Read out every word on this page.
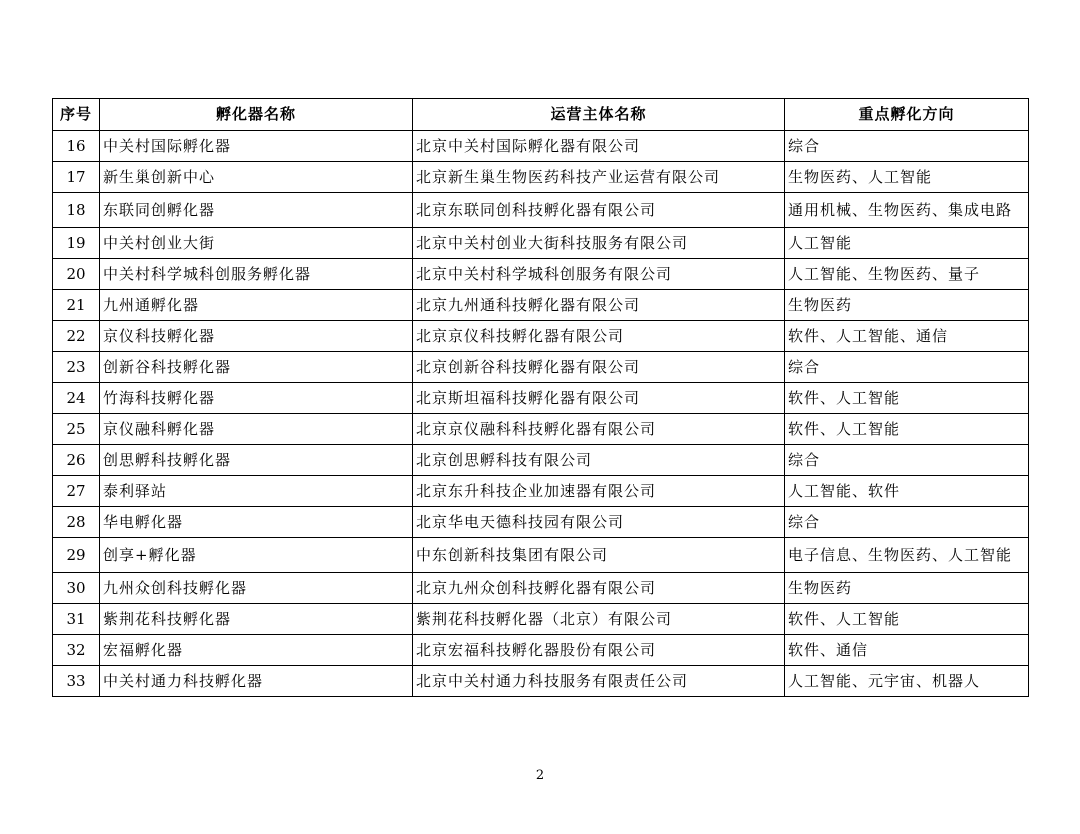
序号	孵化器名称	运营主体名称	重点孵化方向
16	中关村国际孵化器	北京中关村国际孵化器有限公司	综合
17	新生巢创新中心	北京新生巢生物医药科技产业运营有限公司	生物医药、人工智能
18	东联同创孵化器	北京东联同创科技孵化器有限公司	通用机械、生物医药、集成电路
19	中关村创业大街	北京中关村创业大街科技服务有限公司	人工智能
20	中关村科学城科创服务孵化器	北京中关村科学城科创服务有限公司	人工智能、生物医药、量子
21	九州通孵化器	北京九州通科技孵化器有限公司	生物医药
22	京仪科技孵化器	北京京仪科技孵化器有限公司	软件、人工智能、通信
23	创新谷科技孵化器	北京创新谷科技孵化器有限公司	综合
24	竹海科技孵化器	北京斯坦福科技孵化器有限公司	软件、人工智能
25	京仪融科孵化器	北京京仪融科科技孵化器有限公司	软件、人工智能
26	创思孵科技孵化器	北京创思孵科技有限公司	综合
27	泰利驿站	北京东升科技企业加速器有限公司	人工智能、软件
28	华电孵化器	北京华电天德科技园有限公司	综合
29	创享+孵化器	中东创新科技集团有限公司	电子信息、生物医药、人工智能
30	九州众创科技孵化器	北京九州众创科技孵化器有限公司	生物医药
31	紫荆花科技孵化器	紫荆花科技孵化器（北京）有限公司	软件、人工智能
32	宏福孵化器	北京宏福科技孵化器股份有限公司	软件、通信
33	中关村通力科技孵化器	北京中关村通力科技服务有限责任公司	人工智能、元宇宙、机器人
2
